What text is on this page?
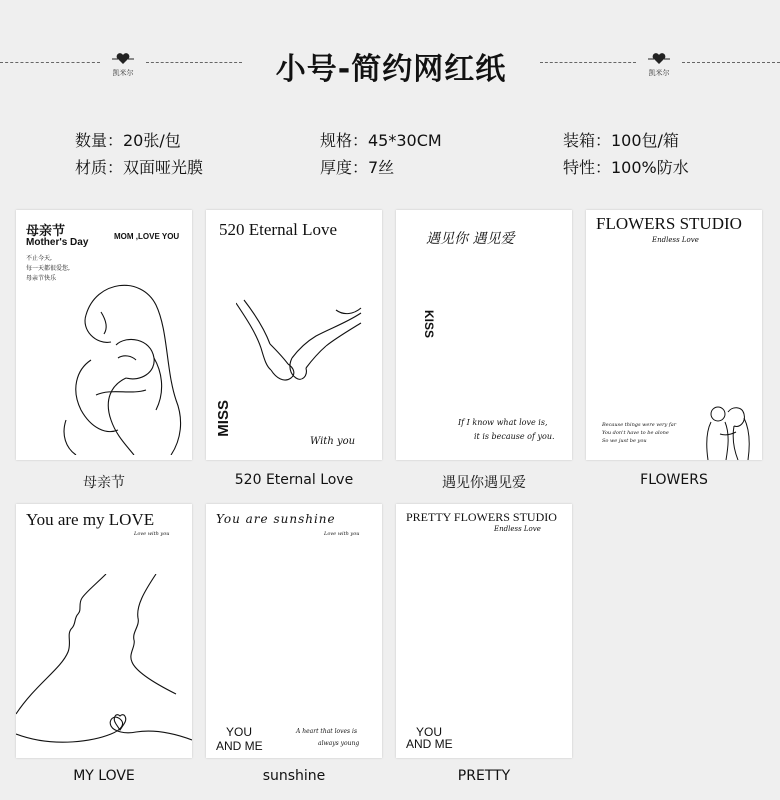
凯米尔	小号-简约网红纸	凯米尔
数量：20张/包
材质：双面哑光膜
规格：45*30CM
厚度：7丝
装箱：100包/箱
特性：100%防水
母亲节
Mother's Day
不止今天,
每一天都很爱您,
母亲节快乐
MOM ,LOVE YOU
母亲节
520 Eternal Love
MISS
With you
520 Eternal Love
遇见你 遇见爱
KISS
If I know what love is,
it is because of you.
遇见你遇见爱
FLOWERS STUDIO
Endless Love
Because things were very far
You don't have to be alone
So we just be you
FLOWERS
You are my LOVE
Love with you
MY LOVE
You are sunshine
Love with you
YOU
AND ME
A heart that loves is
always young
sunshine
PRETTY FLOWERS STUDIO
Endless Love
YOU
AND ME
PRETTY
